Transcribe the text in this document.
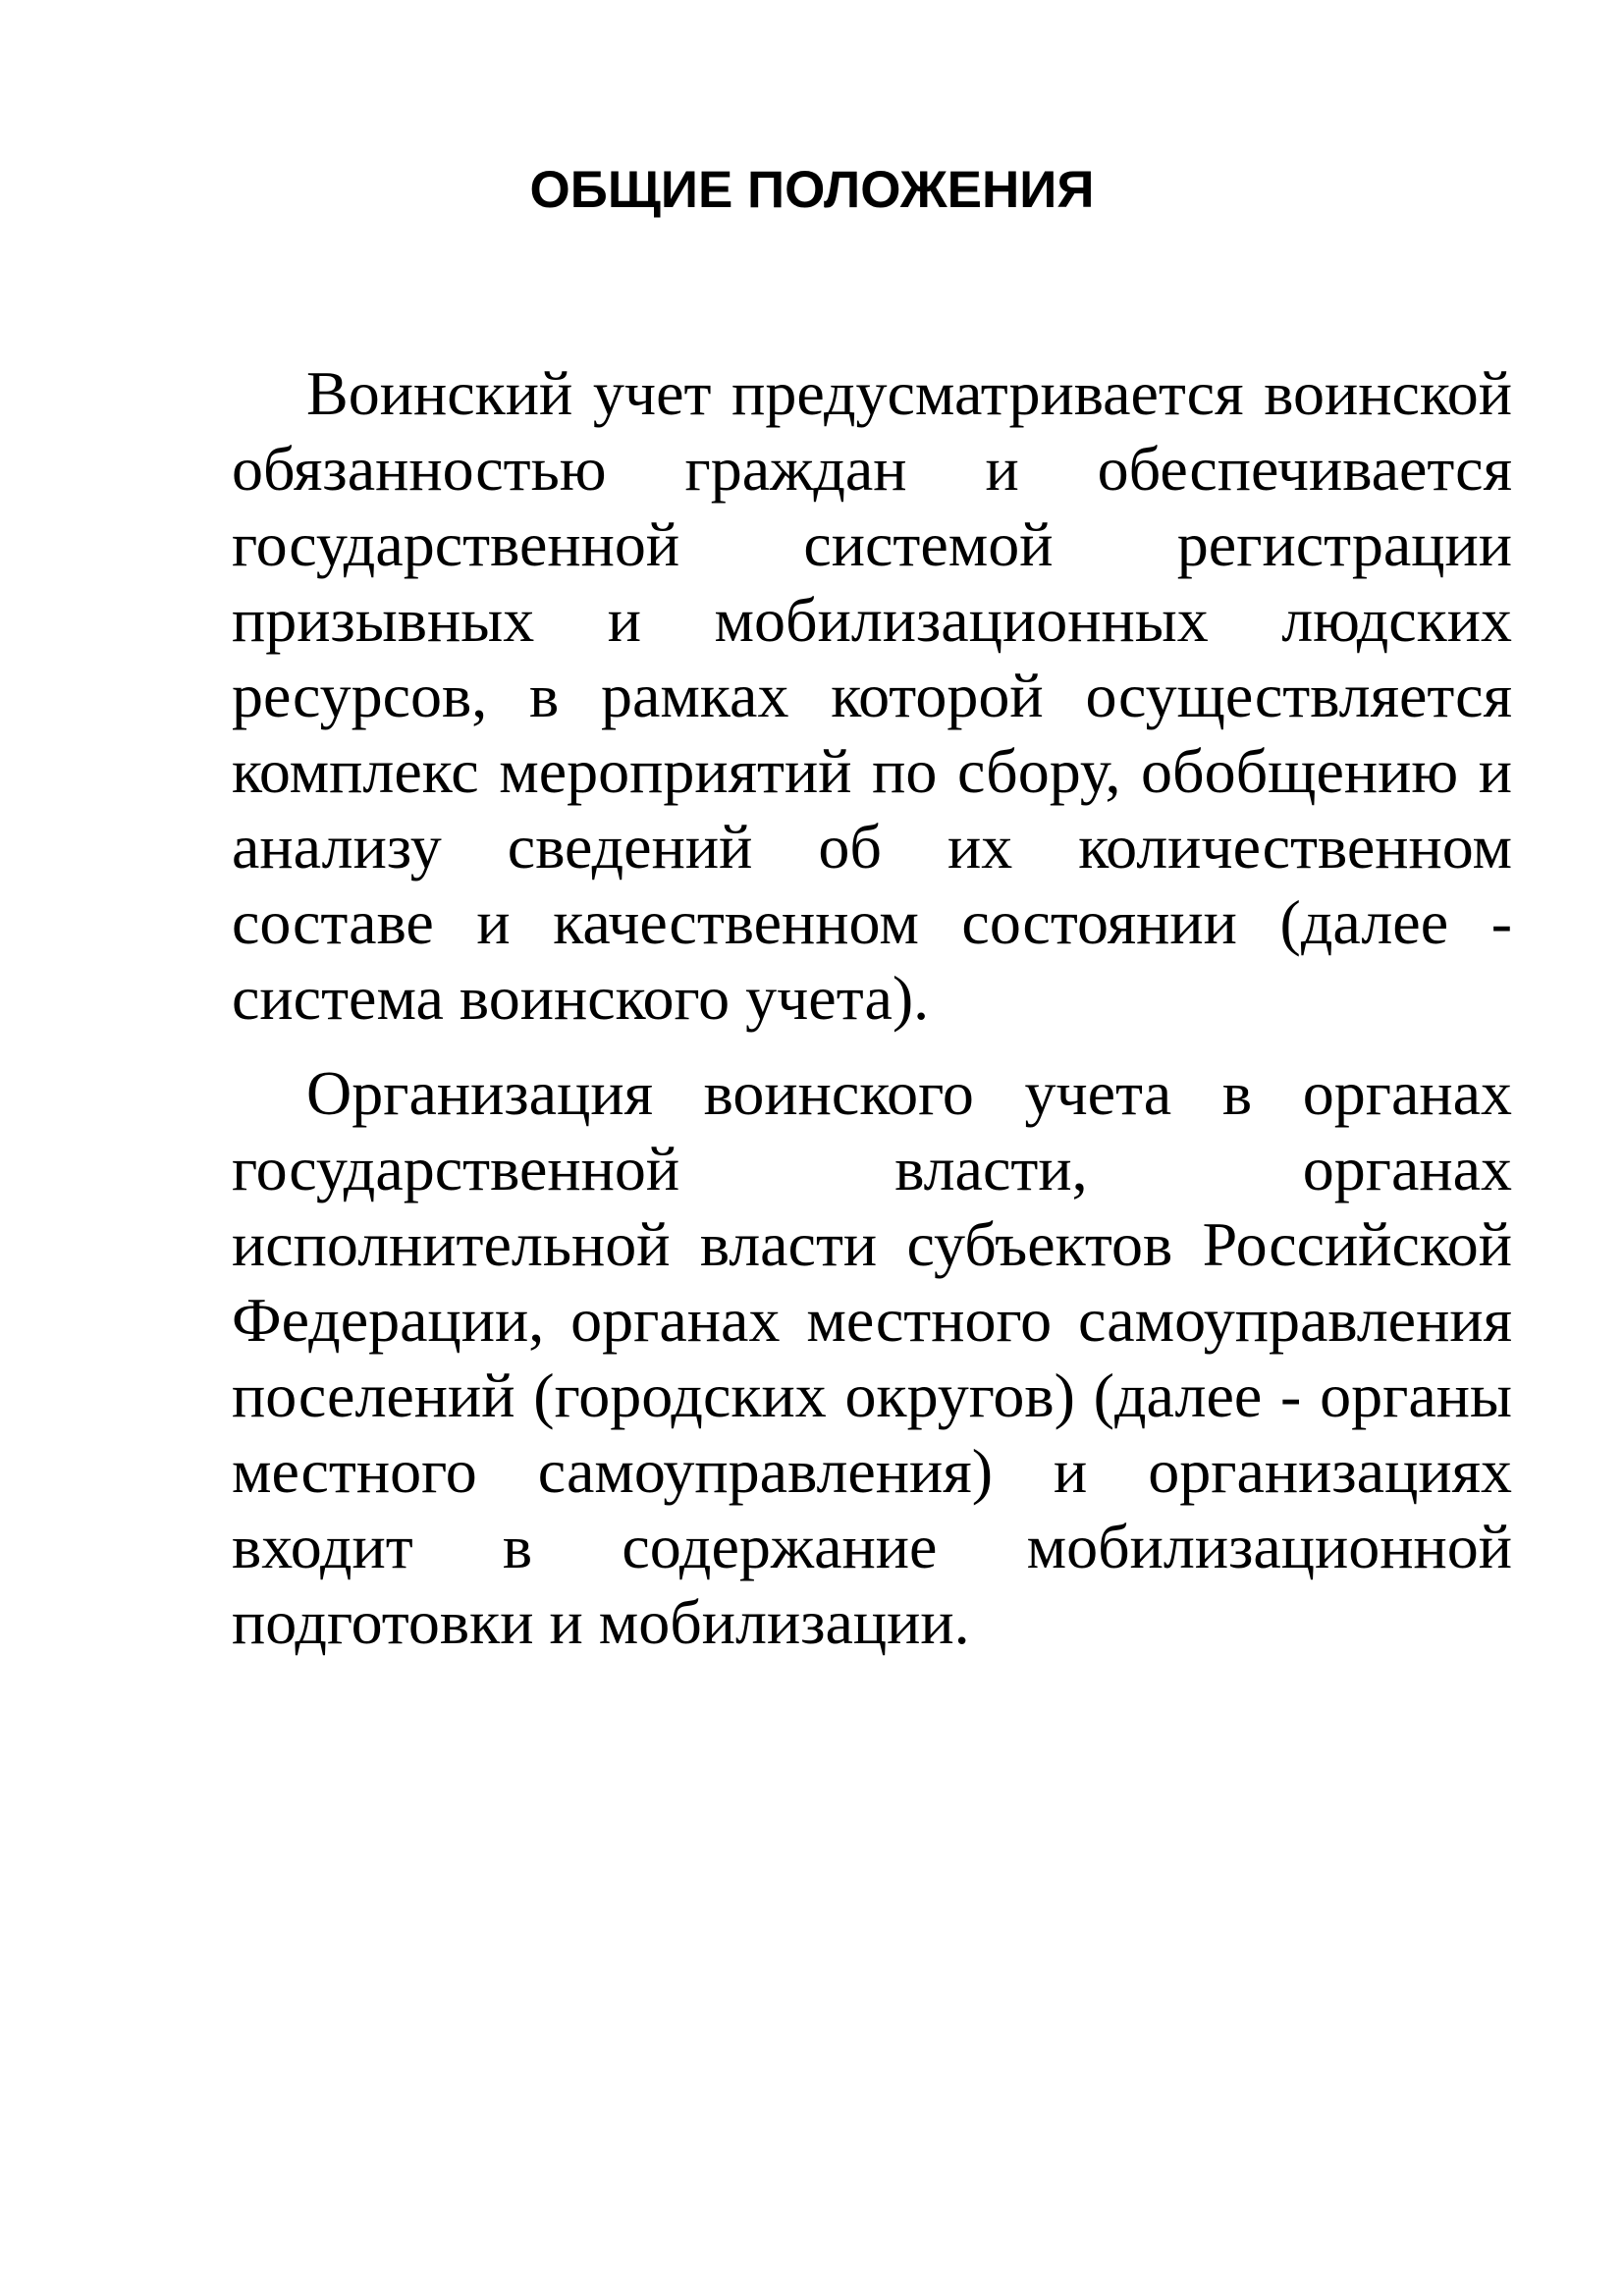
ОБЩИЕ ПОЛОЖЕНИЯ

Воинский учет предусматривается воинской обязанностью граждан и обеспечивается государственной системой регистрации призывных и мобилизационных людских ресурсов, в рамках которой осуществляется комплекс мероприятий по сбору, обобщению и анализу сведений об их количественном составе и качественном состоянии (далее - система воинского учета).

Организация воинского учета в органах государственной власти, органах исполнительной власти субъектов Российской Федерации, органах местного самоуправления поселений (городских округов) (далее - органы местного самоуправления) и организациях входит в содержание мобилизационной подготовки и мобилизации.
